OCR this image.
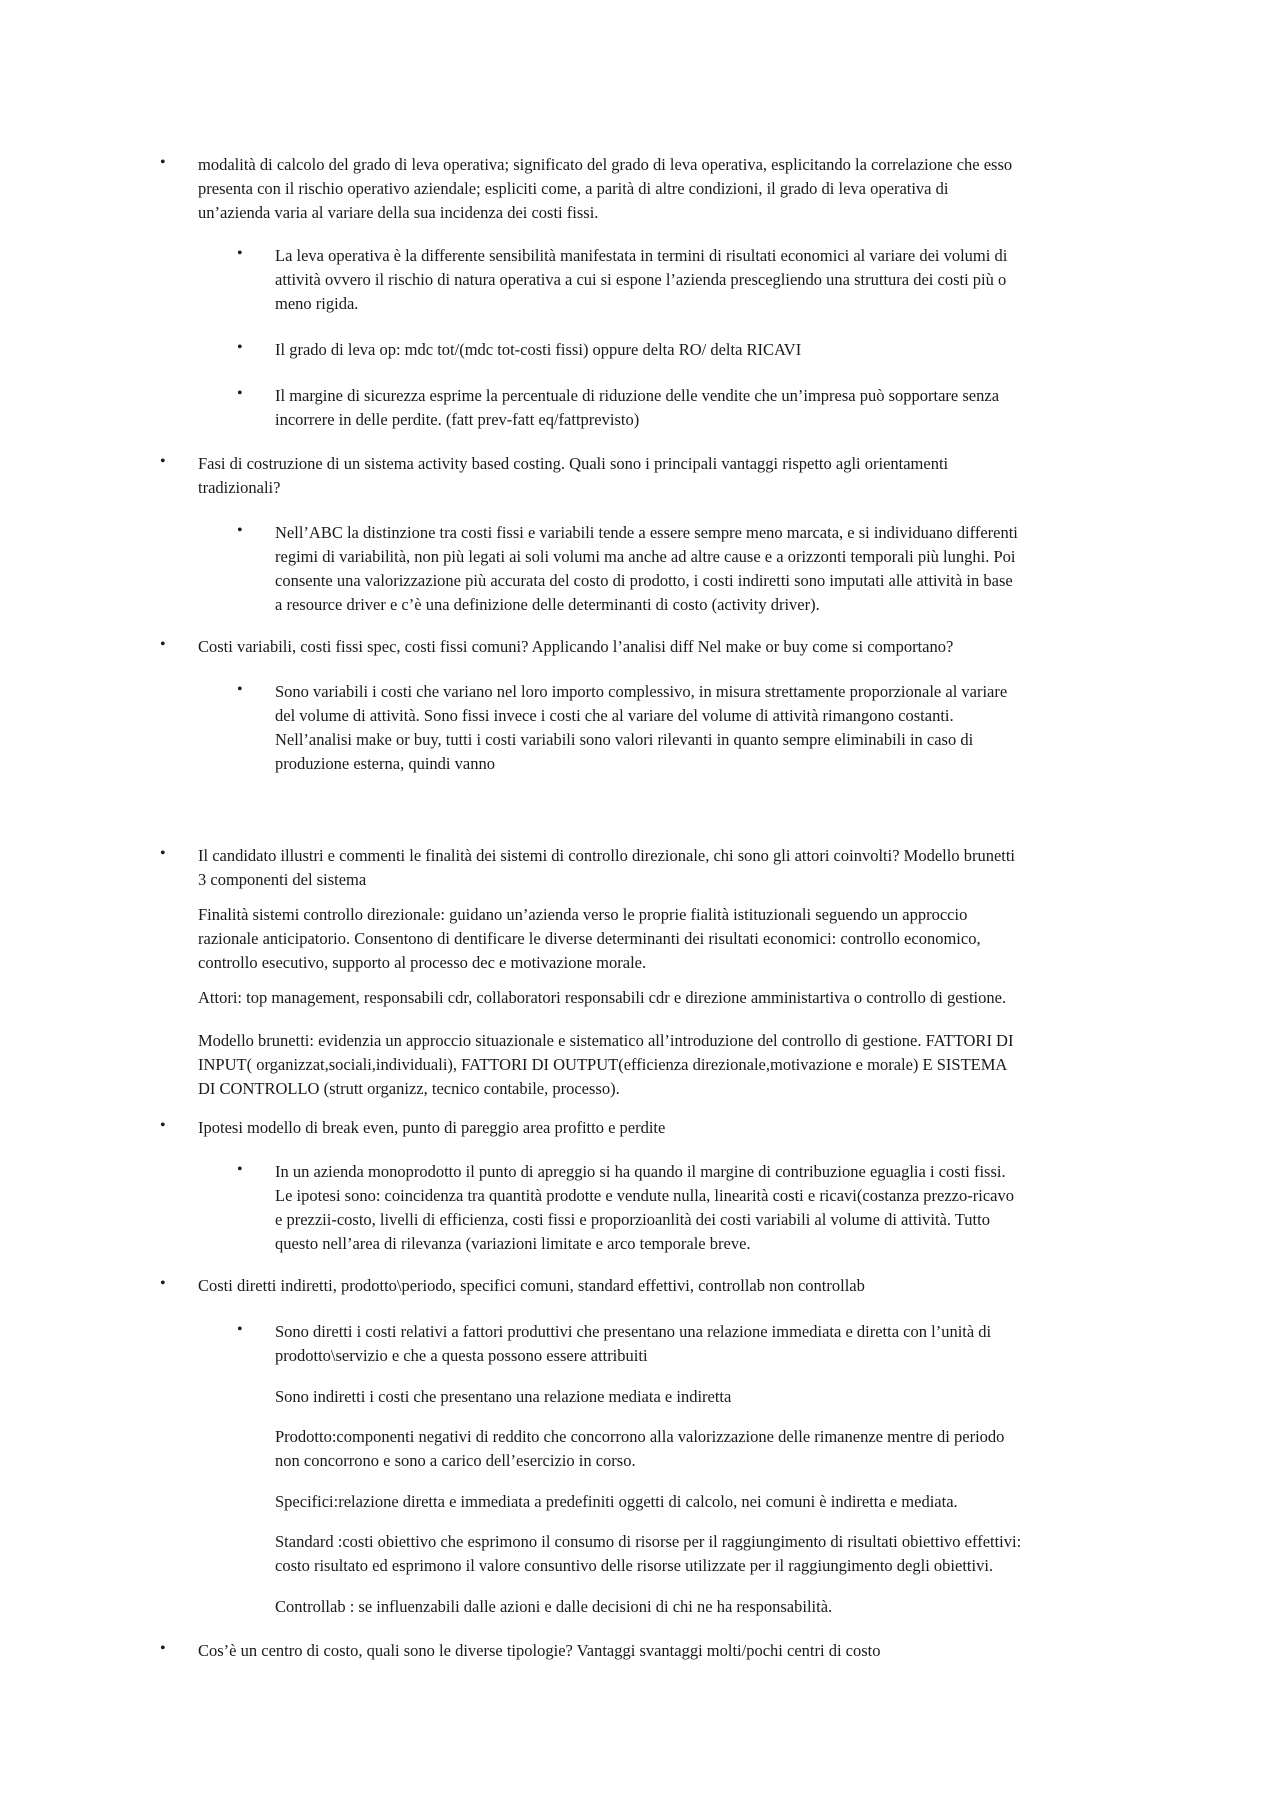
• modalità di calcolo del grado di leva operativa; significato del grado di leva operativa, esplicitando la correlazione che esso
presenta con il rischio operativo aziendale; espliciti come, a parità di altre condizioni, il grado di leva operativa di
un’azienda varia al variare della sua incidenza dei costi fissi.
• La leva operativa è la differente sensibilità manifestata in termini di risultati economici al variare dei volumi di
attività ovvero il rischio di natura operativa a cui si espone l’azienda prescegliendo una struttura dei costi più o
meno rigida.
• Il grado di leva op: mdc tot/(mdc tot-costi fissi) oppure delta RO/ delta RICAVI
• Il margine di sicurezza esprime la percentuale di riduzione delle vendite che un’impresa può sopportare senza
incorrere in delle perdite. (fatt prev-fatt eq/fattprevisto)
• Fasi di costruzione di un sistema activity based costing. Quali sono i principali vantaggi rispetto agli orientamenti
tradizionali?
• Nell’ABC la distinzione tra costi fissi e variabili tende a essere sempre meno marcata, e si individuano differenti
regimi di variabilità, non più legati ai soli volumi ma anche ad altre cause e a orizzonti temporali più lunghi. Poi
consente una valorizzazione più accurata del costo di prodotto, i costi indiretti sono imputati alle attività in base
a resource driver e c’è una definizione delle determinanti di costo (activity driver).
• Costi variabili, costi fissi spec, costi fissi comuni? Applicando l’analisi diff Nel make or buy come si comportano?
• Sono variabili i costi che variano nel loro importo complessivo, in misura strettamente proporzionale al variare
del volume di attività. Sono fissi invece i costi che al variare del volume di attività rimangono costanti.
Nell’analisi make or buy, tutti i costi variabili sono valori rilevanti in quanto sempre eliminabili in caso di
produzione esterna, quindi vanno
• Il candidato illustri e commenti le finalità dei sistemi di controllo direzionale, chi sono gli attori coinvolti? Modello brunetti
3 componenti del sistema
Finalità sistemi controllo direzionale: guidano un’azienda verso le proprie fialità istituzionali seguendo un approccio
razionale anticipatorio. Consentono di dentificare le diverse determinanti dei risultati economici: controllo economico,
controllo esecutivo, supporto al processo dec e motivazione morale.
Attori: top management, responsabili cdr, collaboratori responsabili cdr e direzione amministartiva o controllo di gestione.
Modello brunetti: evidenzia un approccio situazionale e sistematico all’introduzione del controllo di gestione. FATTORI DI
INPUT( organizzat,sociali,individuali), FATTORI DI OUTPUT(efficienza direzionale,motivazione e morale) E SISTEMA
DI CONTROLLO (strutt organizz, tecnico contabile, processo).
• Ipotesi modello di break even, punto di pareggio area profitto e perdite
• In un azienda monoprodotto il punto di apreggio si ha quando il margine di contribuzione eguaglia i costi fissi.
Le ipotesi sono: coincidenza tra quantità prodotte e vendute nulla, linearità costi e ricavi(costanza prezzo-ricavo
e prezzii-costo, livelli di efficienza, costi fissi e proporzioanlità dei costi variabili al volume di attività. Tutto
questo nell’area di rilevanza (variazioni limitate e arco temporale breve.
• Costi diretti indiretti, prodotto\periodo, specifici comuni, standard effettivi, controllab non controllab
• Sono diretti i costi relativi a fattori produttivi che presentano una relazione immediata e diretta con l’unità di
prodotto\servizio e che a questa possono essere attribuiti
Sono indiretti i costi che presentano una relazione mediata e indiretta
Prodotto:componenti negativi di reddito che concorrono alla valorizzazione delle rimanenze mentre di periodo
non concorrono e sono a carico dell’esercizio in corso.
Specifici:relazione diretta e immediata a predefiniti oggetti di calcolo, nei comuni è indiretta e mediata.
Standard :costi obiettivo che esprimono il consumo di risorse per il raggiungimento di risultati obiettivo effettivi:
costo risultato ed esprimono il valore consuntivo delle risorse utilizzate per il raggiungimento degli obiettivi.
Controllab : se influenzabili dalle azioni e dalle decisioni di chi ne ha responsabilità.
• Cos’è un centro di costo, quali sono le diverse tipologie? Vantaggi svantaggi molti/pochi centri di costo
